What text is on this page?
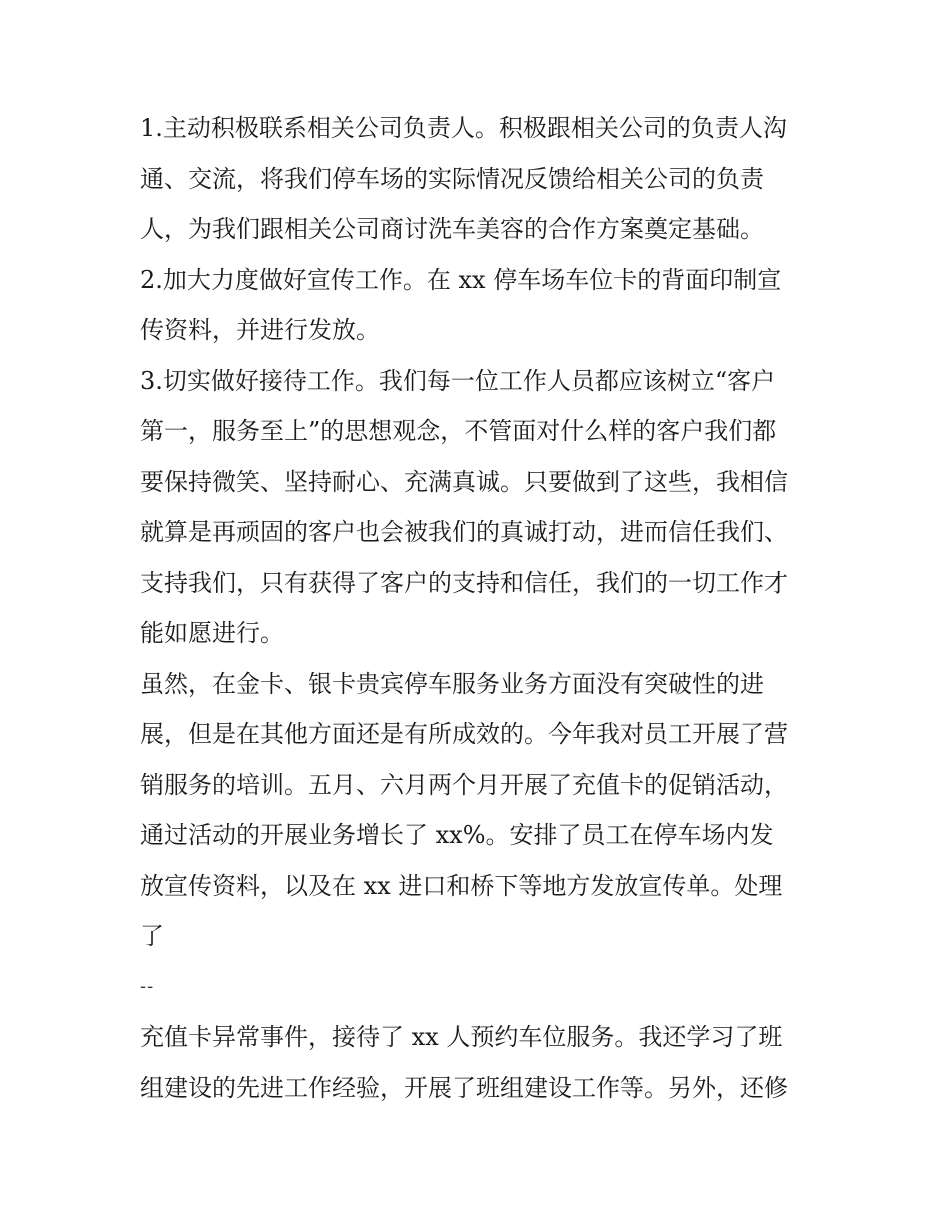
1.主动积极联系相关公司负责人。积极跟相关公司的负责人沟
通、交流，将我们停车场的实际情况反馈给相关公司的负责
人，为我们跟相关公司商讨洗车美容的合作方案奠定基础。
2.加大力度做好宣传工作。在 xx 停车场车位卡的背面印制宣
传资料，并进行发放。
3.切实做好接待工作。我们每一位工作人员都应该树立“客户
第一，服务至上”的思想观念，不管面对什么样的客户我们都
要保持微笑、坚持耐心、充满真诚。只要做到了这些，我相信
就算是再顽固的客户也会被我们的真诚打动，进而信任我们、
支持我们，只有获得了客户的支持和信任，我们的一切工作才
能如愿进行。
虽然，在金卡、银卡贵宾停车服务业务方面没有突破性的进
展，但是在其他方面还是有所成效的。今年我对员工开展了营
销服务的培训。五月、六月两个月开展了充值卡的促销活动，
通过活动的开展业务增长了 xx%。安排了员工在停车场内发
放宣传资料，以及在 xx 进口和桥下等地方发放宣传单。处理
了
--
充值卡异常事件，接待了 xx 人预约车位服务。我还学习了班
组建设的先进工作经验，开展了班组建设工作等。另外，还修
